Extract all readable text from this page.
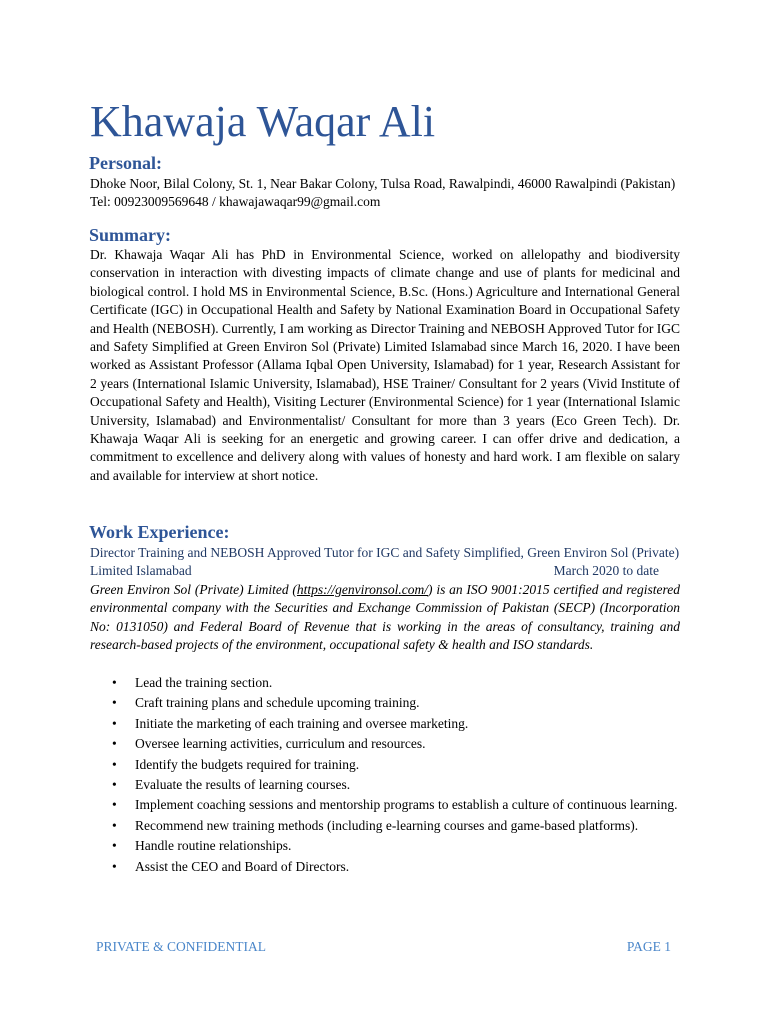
Khawaja Waqar Ali
Personal:

Dhoke Noor, Bilal Colony, St. 1, Near Bakar Colony, Tulsa Road, Rawalpindi, 46000 Rawalpindi (Pakistan) Tel: 00923009569648 / khawajawaqar99@gmail.com

Summary:

Dr. Khawaja Waqar Ali has PhD in Environmental Science, worked on allelopathy and biodiversity conservation in interaction with divesting impacts of climate change and use of plants for medicinal and biological control. I hold MS in Environmental Science, B.Sc. (Hons.) Agriculture and International General Certificate (IGC) in Occupational Health and Safety by National Examination Board in Occupational Safety and Health (NEBOSH). Currently, I am working as Director Training and NEBOSH Approved Tutor for IGC and Safety Simplified at Green Environ Sol (Private) Limited Islamabad since March 16, 2020. I have been worked as Assistant Professor (Allama Iqbal Open University, Islamabad) for 1 year, Research Assistant for 2 years (International Islamic University, Islamabad), HSE Trainer/ Consultant for 2 years (Vivid Institute of Occupational Safety and Health), Visiting Lecturer (Environmental Science) for 1 year (International Islamic University, Islamabad) and Environmentalist/ Consultant for more than 3 years (Eco Green Tech). Dr. Khawaja Waqar Ali is seeking for an energetic and growing career. I can offer drive and dedication, a commitment to excellence and delivery along with values of honesty and hard work. I am flexible on salary and available for interview at short notice.

Work Experience:

Director Training and NEBOSH Approved Tutor for IGC and Safety Simplified, Green Environ Sol (Private) Limited Islamabad	March 2020 to date

Green Environ Sol (Private) Limited (https://genvironsol.com/) is an ISO 9001:2015 certified and registered environmental company with the Securities and Exchange Commission of Pakistan (SECP) (Incorporation No: 0131050) and Federal Board of Revenue that is working in the areas of consultancy, training and research-based projects of the environment, occupational safety & health and ISO standards.

• Lead the training section.
• Craft training plans and schedule upcoming training.
• Initiate the marketing of each training and oversee marketing.
• Oversee learning activities, curriculum and resources.
• Identify the budgets required for training.
• Evaluate the results of learning courses.
• Implement coaching sessions and mentorship programs to establish a culture of continuous learning.
• Recommend new training methods (including e-learning courses and game-based platforms).
• Handle routine relationships.
• Assist the CEO and Board of Directors.
PRIVATE & CONFIDENTIAL	PAGE 1
